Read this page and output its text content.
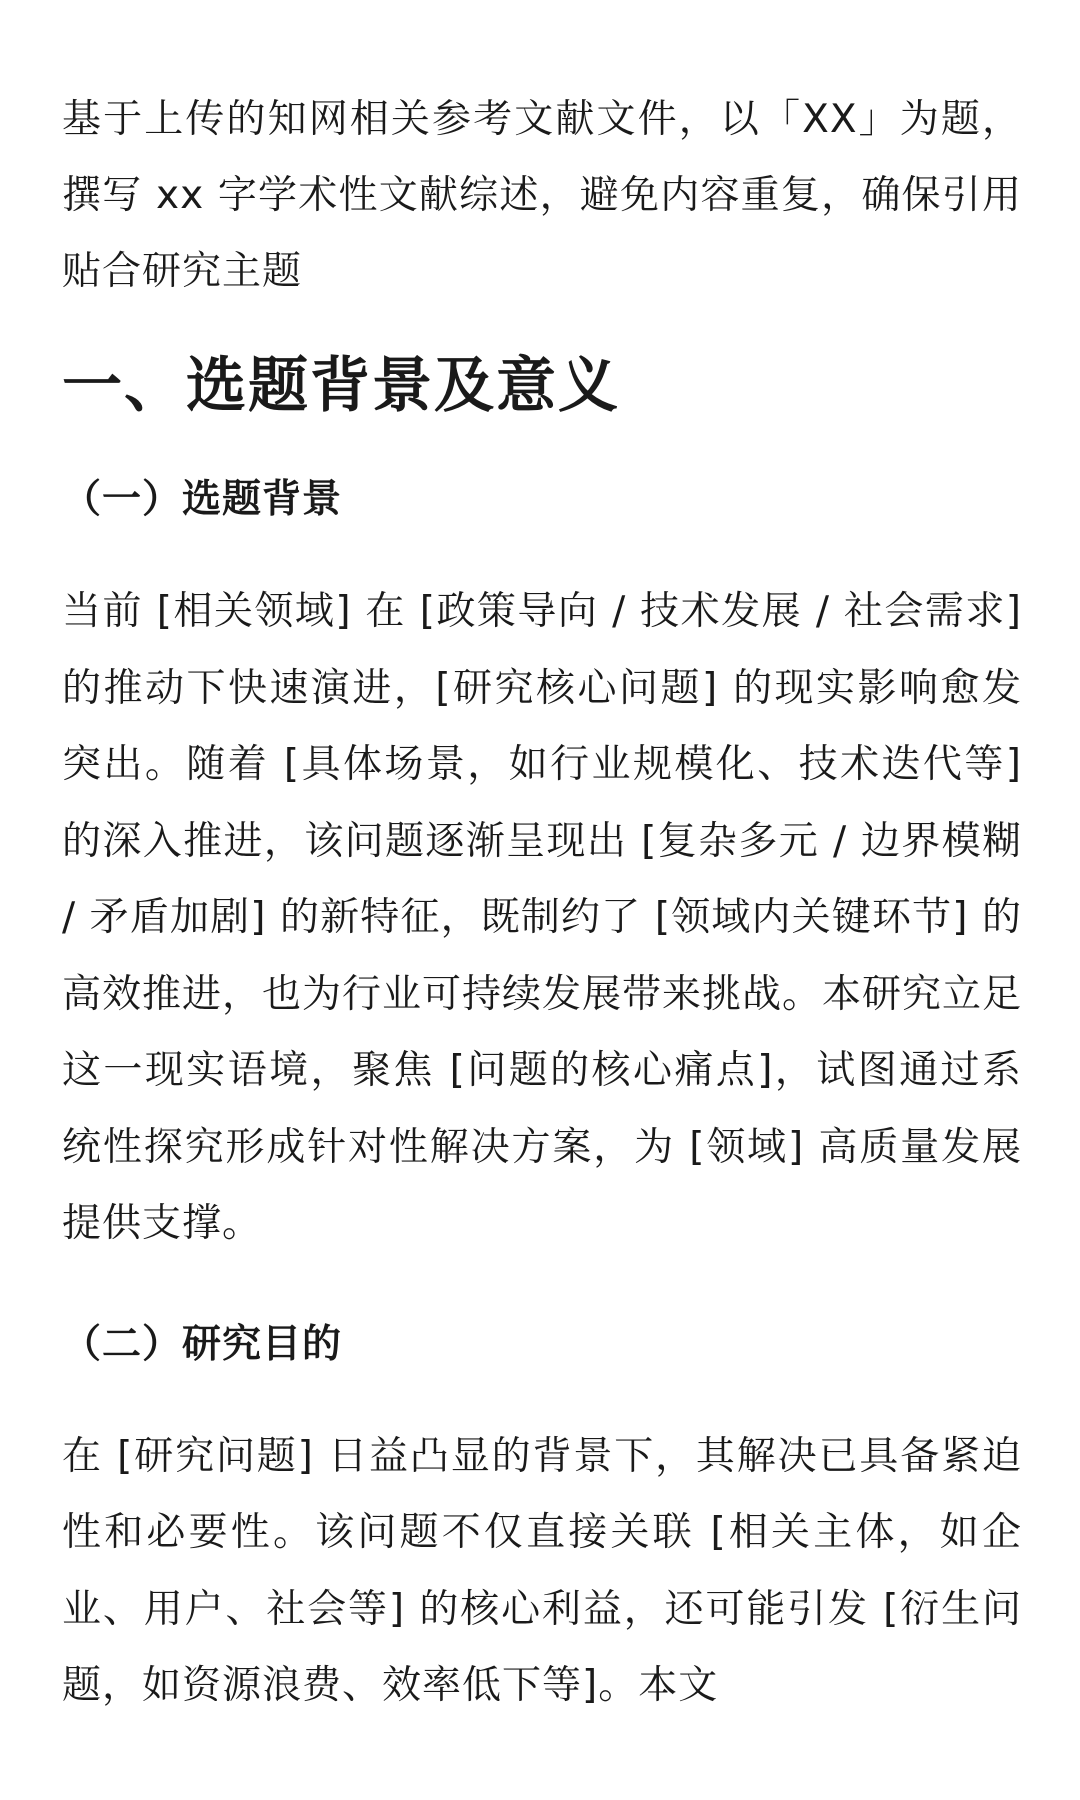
基于上传的知网相关参考文献文件，以「XX」为题，撰写 xx 字学术性文献综述，避免内容重复，确保引用贴合研究主题

一、选题背景及意义
（一）选题背景

当前 [相关领域] 在 [政策导向 / 技术发展 / 社会需求] 的推动下快速演进，[研究核心问题] 的现实影响愈发突出。随着 [具体场景，如行业规模化、技术迭代等] 的深入推进，该问题逐渐呈现出 [复杂多元 / 边界模糊 / 矛盾加剧] 的新特征，既制约了 [领域内关键环节] 的高效推进，也为行业可持续发展带来挑战。本研究立足这一现实语境，聚焦 [问题的核心痛点]，试图通过系统性探究形成针对性解决方案，为 [领域] 高质量发展提供支撑。

（二）研究目的

在 [研究问题] 日益凸显的背景下，其解决已具备紧迫性和必要性。该问题不仅直接关联 [相关主体，如企业、用户、社会等] 的核心利益，还可能引发 [衍生问题，如资源浪费、效率低下等]。本文
